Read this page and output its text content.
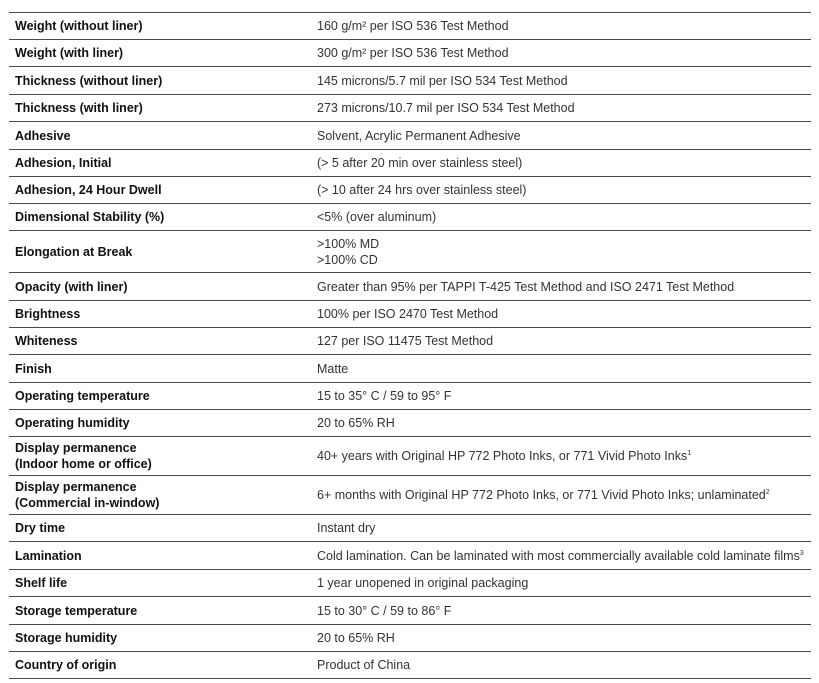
Weight (without liner)	160 g/m² per ISO 536 Test Method
Weight (with liner)	300 g/m² per ISO 536 Test Method
Thickness (without liner)	145 microns/5.7 mil per ISO 534 Test Method
Thickness (with liner)	273 microns/10.7 mil per ISO 534 Test Method
Adhesive	Solvent, Acrylic Permanent Adhesive
Adhesion, Initial	(> 5 after 20 min over stainless steel)
Adhesion, 24 Hour Dwell	(> 10 after 24 hrs over stainless steel)
Dimensional Stability (%)	<5% (over aluminum)
Elongation at Break	>100% MD
>100% CD

Opacity (with liner)	Greater than 95% per TAPPI T-425 Test Method and ISO 2471 Test Method
Brightness	100% per ISO 2470 Test Method
Whiteness	127 per ISO 11475 Test Method
Finish	Matte
Operating temperature	15 to 35° C / 59 to 95° F
Operating humidity	20 to 65% RH

Display permanence
(Indoor home or office)	40+ years with Original HP 772 Photo Inks, or 771 Vivid Photo Inks$^1$

Display permanence
(Commercial in-window)	6+ months with Original HP 772 Photo Inks, or 771 Vivid Photo Inks; unlaminated$^2$
Dry time	Instant dry
Lamination	Cold lamination. Can be laminated with most commercially available cold laminate films$^3$
Shelf life	1 year unopened in original packaging
Storage temperature	15 to 30° C / 59 to 86° F
Storage humidity	20 to 65% RH
Country of origin	Product of China
